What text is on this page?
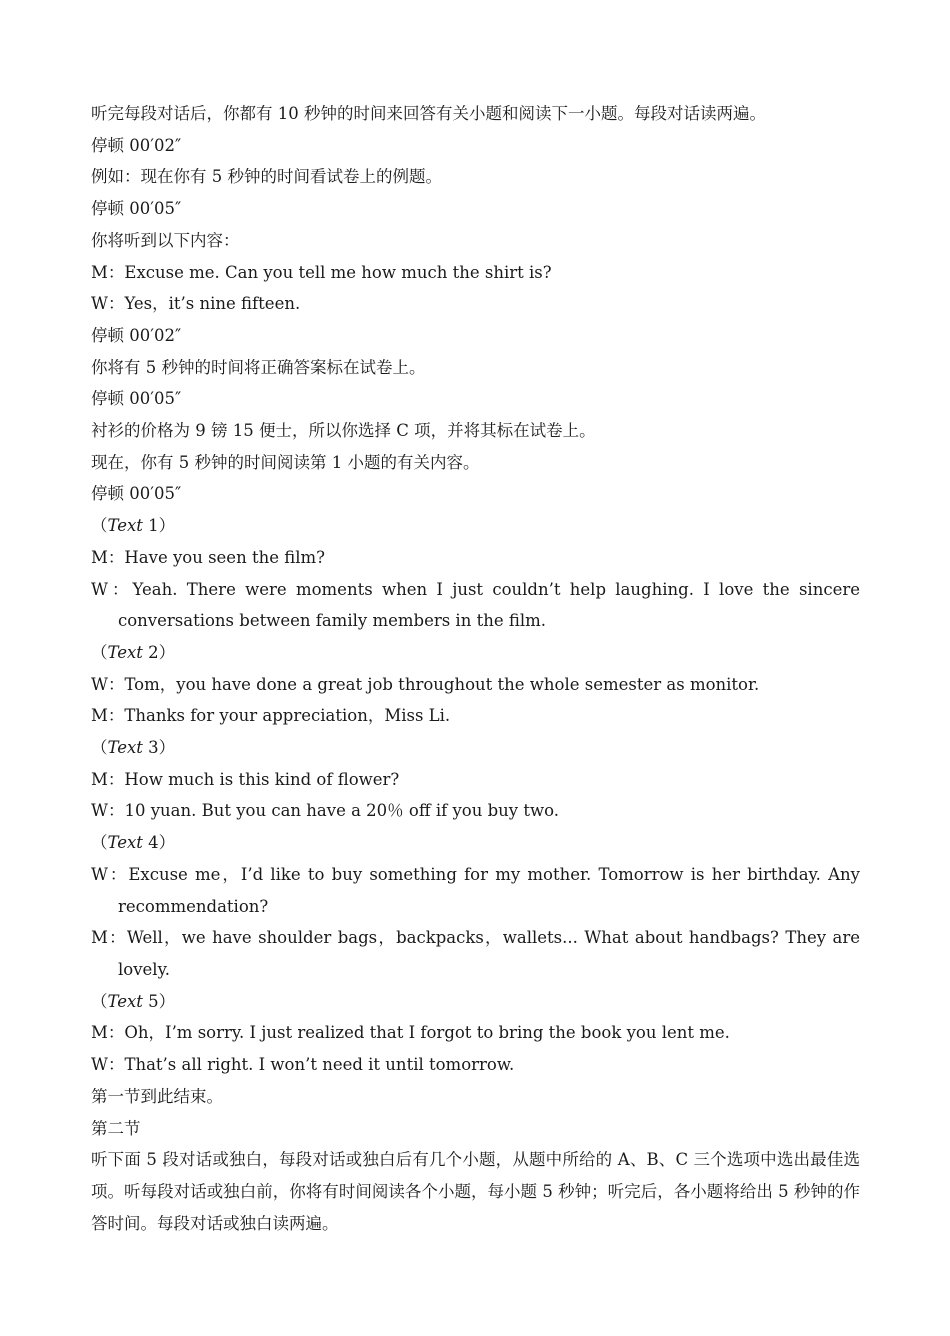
听完每段对话后，你都有 10 秒钟的时间来回答有关小题和阅读下一小题。每段对话读两遍。

停顿 00′02″

例如：现在你有 5 秒钟的时间看试卷上的例题。

停顿 00′05″

你将听到以下内容：

M：Excuse me. Can you tell me how much the shirt is?

W：Yes，it’s nine fifteen.

停顿 00′02″

你将有 5 秒钟的时间将正确答案标在试卷上。

停顿 00′05″

衬衫的价格为 9 镑 15 便士，所以你选择 C 项，并将其标在试卷上。

现在，你有 5 秒钟的时间阅读第 1 小题的有关内容。

停顿 00′05″

（Text 1）

M：Have you seen the film?

W：Yeah. There were moments when I just couldn’t help laughing. I love the sincere conversations between family members in the film.

（Text 2）

W：Tom，you have done a great job throughout the whole semester as monitor.

M：Thanks for your appreciation，Miss Li.

（Text 3）

M：How much is this kind of flower?

W：10 yuan. But you can have a 20％ off if you buy two.

（Text 4）

W：Excuse me，I’d like to buy something for my mother. Tomorrow is her birthday. Any recommendation?

M：Well，we have shoulder bags，backpacks，wallets... What about handbags? They are lovely.

（Text 5）

M：Oh，I’m sorry. I just realized that I forgot to bring the book you lent me.

W：That’s all right. I won’t need it until tomorrow.

第一节到此结束。

第二节

听下面 5 段对话或独白，每段对话或独白后有几个小题，从题中所给的 A、B、C 三个选项中选出最佳选项。听每段对话或独白前，你将有时间阅读各个小题，每小题 5 秒钟；听完后，各小题将给出 5 秒钟的作答时间。每段对话或独白读两遍。
